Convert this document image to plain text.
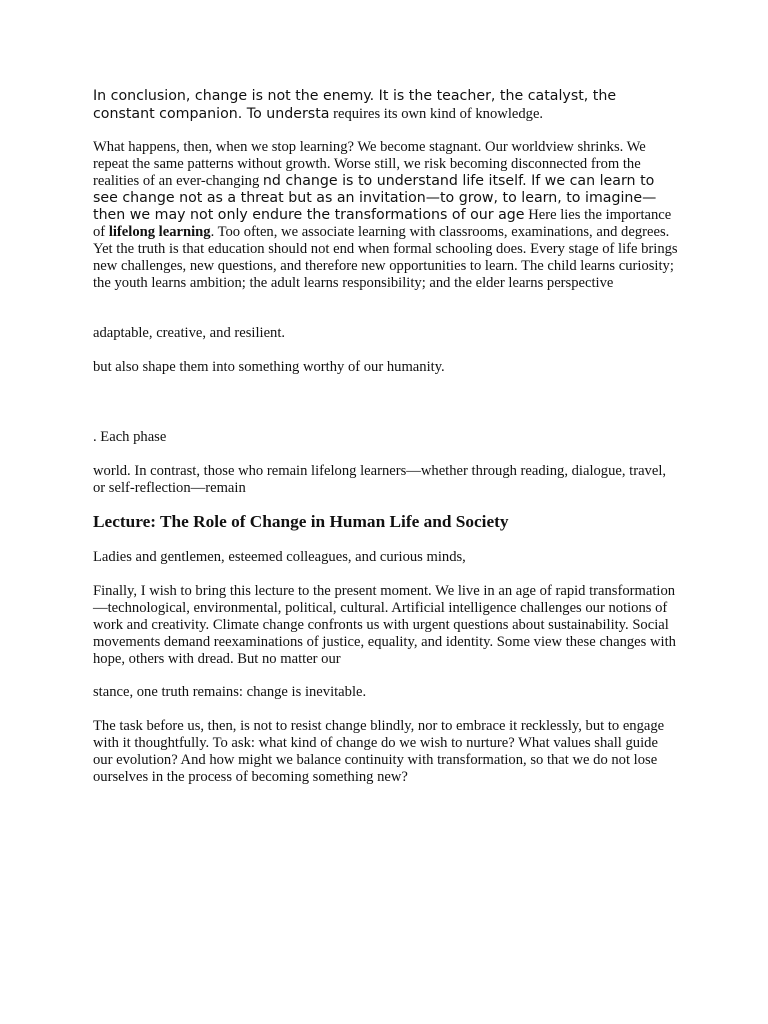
In conclusion, change is not the enemy. It is the teacher, the catalyst, the constant companion. To understa requires its own kind of knowledge.

What happens, then, when we stop learning? We become stagnant. Our worldview shrinks. We repeat the same patterns without growth. Worse still, we risk becoming disconnected from the realities of an ever-changing nd change is to understand life itself. If we can learn to see change not as a threat but as an invitation—to grow, to learn, to imagine—then we may not only endure the transformations of our age Here lies the importance of lifelong learning. Too often, we associate learning with classrooms, examinations, and degrees. Yet the truth is that education should not end when formal schooling does. Every stage of life brings new challenges, new questions, and therefore new opportunities to learn. The child learns curiosity; the youth learns ambition; the adult learns responsibility; and the elder learns perspective

adaptable, creative, and resilient.

but also shape them into something worthy of our humanity.

. Each phase

world. In contrast, those who remain lifelong learners—whether through reading, dialogue, travel, or self-reflection—remain

Lecture: The Role of Change in Human Life and Society

Ladies and gentlemen, esteemed colleagues, and curious minds,

Finally, I wish to bring this lecture to the present moment. We live in an age of rapid transformation—technological, environmental, political, cultural. Artificial intelligence challenges our notions of work and creativity. Climate change confronts us with urgent questions about sustainability. Social movements demand reexaminations of justice, equality, and identity. Some view these changes with hope, others with dread. But no matter our

stance, one truth remains: change is inevitable.

The task before us, then, is not to resist change blindly, nor to embrace it recklessly, but to engage with it thoughtfully. To ask: what kind of change do we wish to nurture? What values shall guide our evolution? And how might we balance continuity with transformation, so that we do not lose ourselves in the process of becoming something new?
